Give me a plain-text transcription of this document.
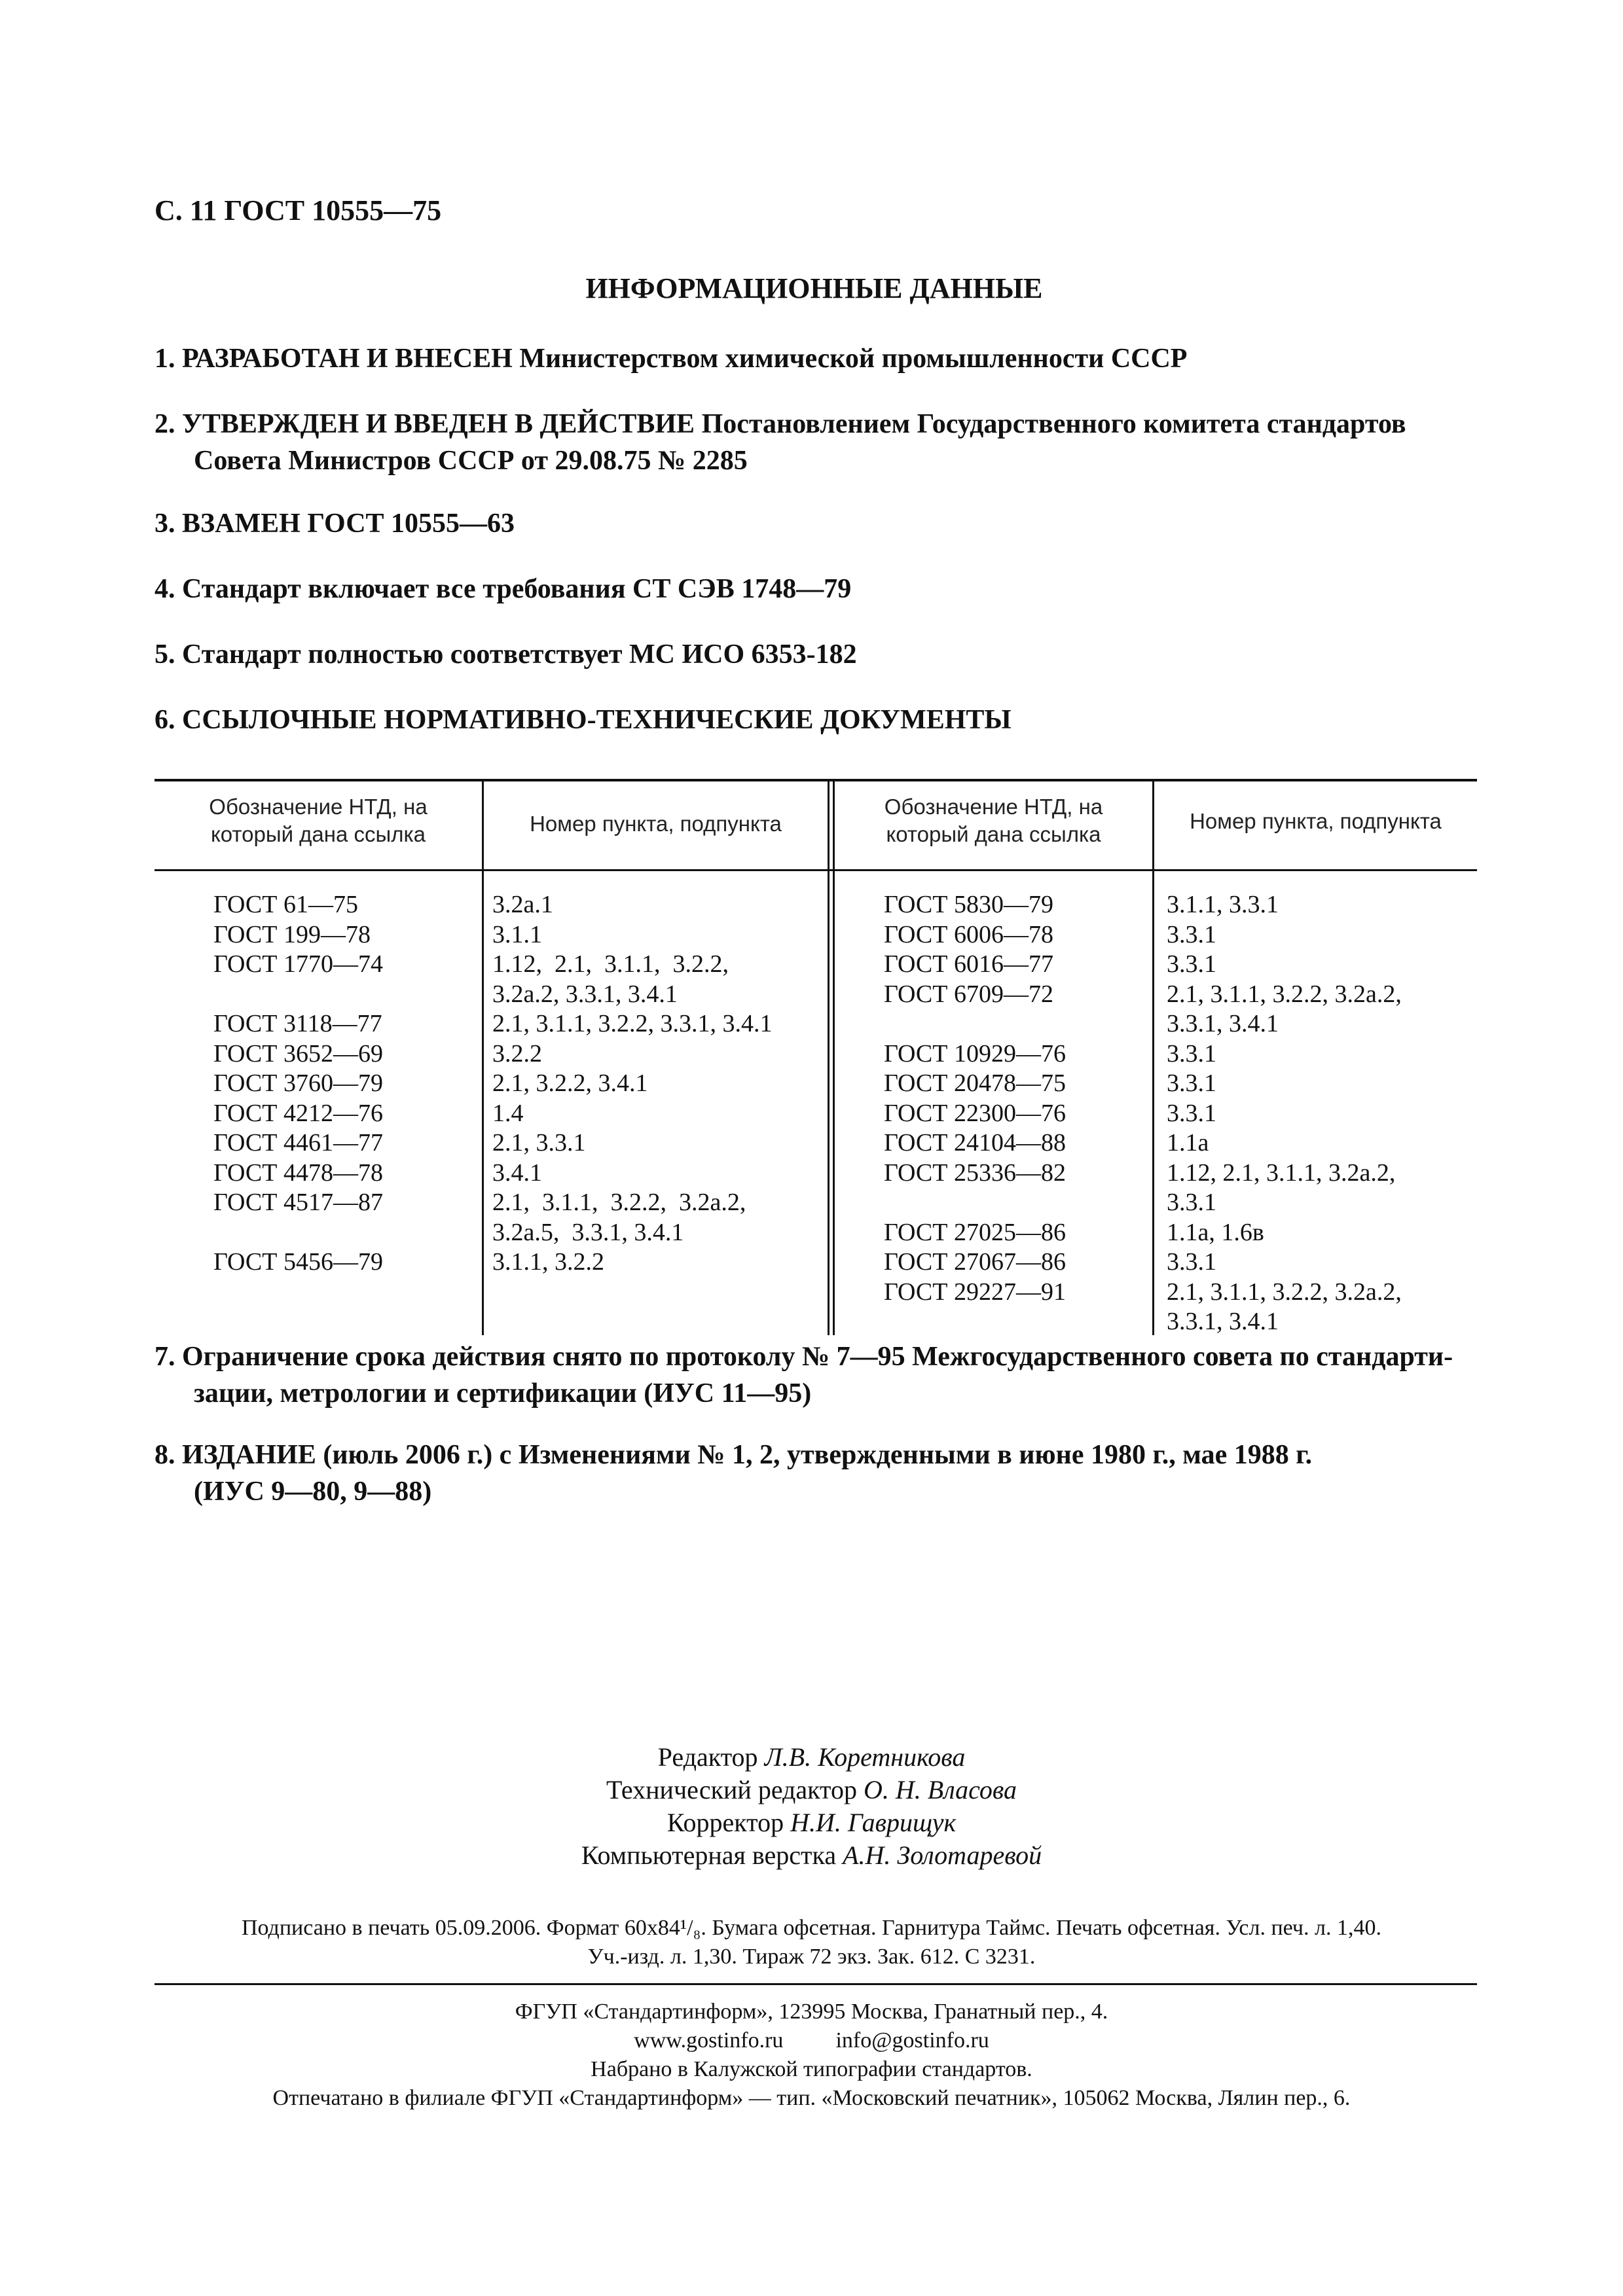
С. 11 ГОСТ 10555—75
ИНФОРМАЦИОННЫЕ ДАННЫЕ
1. РАЗРАБОТАН И ВНЕСЕН Министерством химической промышленности СССР
2. УТВЕРЖДЕН И ВВЕДЕН В ДЕЙСТВИЕ Постановлением Государственного комитета стандартов
Совета Министров СССР от 29.08.75 № 2285
3. ВЗАМЕН ГОСТ 10555—63
4. Стандарт включает все требования СТ СЭВ 1748—79
5. Стандарт полностью соответствует МС ИСО 6353-182
6. ССЫЛОЧНЫЕ НОРМАТИВНО-ТЕХНИЧЕСКИЕ ДОКУМЕНТЫ
Обозначение НТД, на
который дана ссылка	Номер пункта, подпункта
Обозначение НТД, на
который дана ссылка
Номер пункта, подпункта
ГОСТ 61—75
ГОСТ 199—78
ГОСТ 1770—74
ГОСТ 3118—77
ГОСТ 3652—69
ГОСТ 3760—79
ГОСТ 4212—76
ГОСТ 4461—77
ГОСТ 4478—78
ГОСТ 4517—87
ГОСТ 5456—79
3.2а.1
3.1.1
1.12,  2.1,  3.1.1,  3.2.2,
3.2а.2, 3.3.1, 3.4.1
2.1, 3.1.1, 3.2.2, 3.3.1, 3.4.1
3.2.2
2.1, 3.2.2, 3.4.1
1.4
2.1, 3.3.1
3.4.1
2.1,  3.1.1,  3.2.2,  3.2а.2,
3.2а.5,  3.3.1, 3.4.1
3.1.1, 3.2.2
ГОСТ 5830—79
ГОСТ 6006—78
ГОСТ 6016—77
ГОСТ 6709—72
ГОСТ 10929—76
ГОСТ 20478—75
ГОСТ 22300—76
ГОСТ 24104—88
ГОСТ 25336—82
ГОСТ 27025—86
ГОСТ 27067—86
ГОСТ 29227—91
3.1.1, 3.3.1
3.3.1
3.3.1
2.1, 3.1.1, 3.2.2, 3.2а.2,
3.3.1, 3.4.1
3.3.1
3.3.1
3.3.1
1.1а
1.12, 2.1, 3.1.1, 3.2а.2,
3.3.1
1.1а, 1.6в
3.3.1
2.1, 3.1.1, 3.2.2, 3.2а.2,
3.3.1, 3.4.1
7. Ограничение срока действия снято по протоколу № 7—95 Межгосударственного совета по стандарти-
зации, метрологии и сертификации (ИУС 11—95)
8. ИЗДАНИЕ (июль 2006 г.) с Изменениями № 1, 2, утвержденными в июне 1980 г., мае 1988 г.
(ИУС 9—80, 9—88)
Редактор Л.В. Коретникова
Технический редактор О. Н. Власова
Корректор Н.И. Гаврищук
Компьютерная верстка А.Н. Золотаревой
Подписано в печать 05.09.2006. Формат 60х84¹/₈. Бумага офсетная. Гарнитура Таймс. Печать офсетная. Усл. печ. л. 1,40.
Уч.-изд. л. 1,30. Тираж 72 экз. Зак. 612. С 3231.
ФГУП «Стандартинформ», 123995 Москва, Гранатный пер., 4.
www.gostinfo.ru info@gostinfo.ru
Набрано в Калужской типографии стандартов.
Отпечатано в филиале ФГУП «Стандартинформ» — тип. «Московский печатник», 105062 Москва, Лялин пер., 6.
